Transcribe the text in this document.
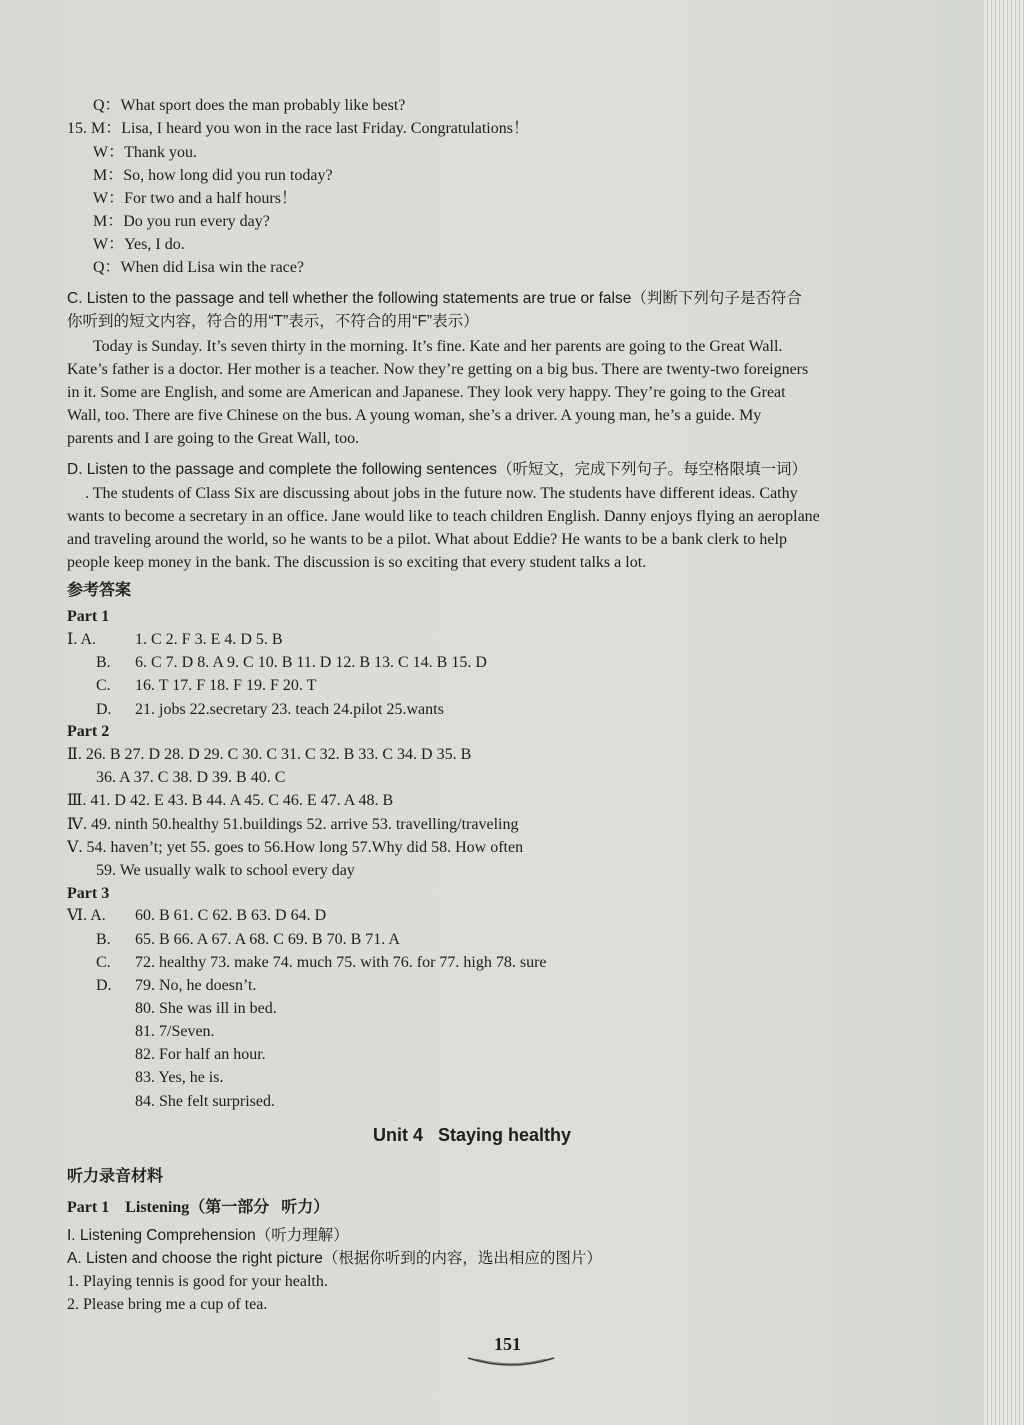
Q：What sport does the man probably like best?
15. M：Lisa, I heard you won in the race last Friday. Congratulations！
W：Thank you.
M：So, how long did you run today?
W：For two and a half hours！
M：Do you run every day?
W：Yes, I do.
Q：When did Lisa win the race?
C. Listen to the passage and tell whether the following statements are true or false（判断下列句子是否符合
你听到的短文内容，符合的用“T”表示，不符合的用“F”表示）
Today is Sunday. It’s seven thirty in the morning. It’s fine. Kate and her parents are going to the Great Wall.
Kate’s father is a doctor. Her mother is a teacher. Now they’re getting on a big bus. There are twenty-two foreigners
in it. Some are English, and some are American and Japanese. They look very happy. They’re going to the Great
Wall, too. There are five Chinese on the bus. A young woman, she’s a driver. A young man, he’s a guide. My
parents and I are going to the Great Wall, too.
D. Listen to the passage and complete the following sentences（听短文，完成下列句子。每空格限填一词）
. The students of Class Six are discussing about jobs in the future now. The students have different ideas. Cathy
wants to become a secretary in an office. Jane would like to teach children English. Danny enjoys flying an aeroplane
and traveling around the world, so he wants to be a pilot. What about Eddie? He wants to be a bank clerk to help
people keep money in the bank. The discussion is so exciting that every student talks a lot.
参考答案
Part 1
Ⅰ. A. 1. C 2. F 3. E 4. D 5. B
B. 6. C 7. D 8. A 9. C 10. B 11. D 12. B 13. C 14. B 15. D
C. 16. T 17. F 18. F 19. F 20. T
D. 21. jobs 22.secretary 23. teach 24.pilot 25.wants
Part 2
Ⅱ. 26. B 27. D 28. D 29. C 30. C 31. C 32. B 33. C 34. D 35. B
36. A 37. C 38. D 39. B 40. C
Ⅲ. 41. D 42. E 43. B 44. A 45. C 46. E 47. A 48. B
Ⅳ. 49. ninth 50.healthy 51.buildings 52. arrive 53. travelling/traveling
Ⅴ. 54. haven’t; yet 55. goes to 56.How long 57.Why did 58. How often
59. We usually walk to school every day
Part 3
Ⅵ. A. 60. B 61. C 62. B 63. D 64. D
B. 65. B 66. A 67. A 68. C 69. B 70. B 71. A
C. 72. healthy 73. make 74. much 75. with 76. for 77. high 78. sure
D. 79. No, he doesn’t.
80. She was ill in bed.
81. 7/Seven.
82. For half an hour.
83. Yes, he is.
84. She felt surprised.
Unit 4   Staying healthy
听力录音材料
Part 1    Listening（第一部分   听力）
I. Listening Comprehension（听力理解）
A. Listen and choose the right picture（根据你听到的内容，选出相应的图片）
1. Playing tennis is good for your health.
2. Please bring me a cup of tea.
151
